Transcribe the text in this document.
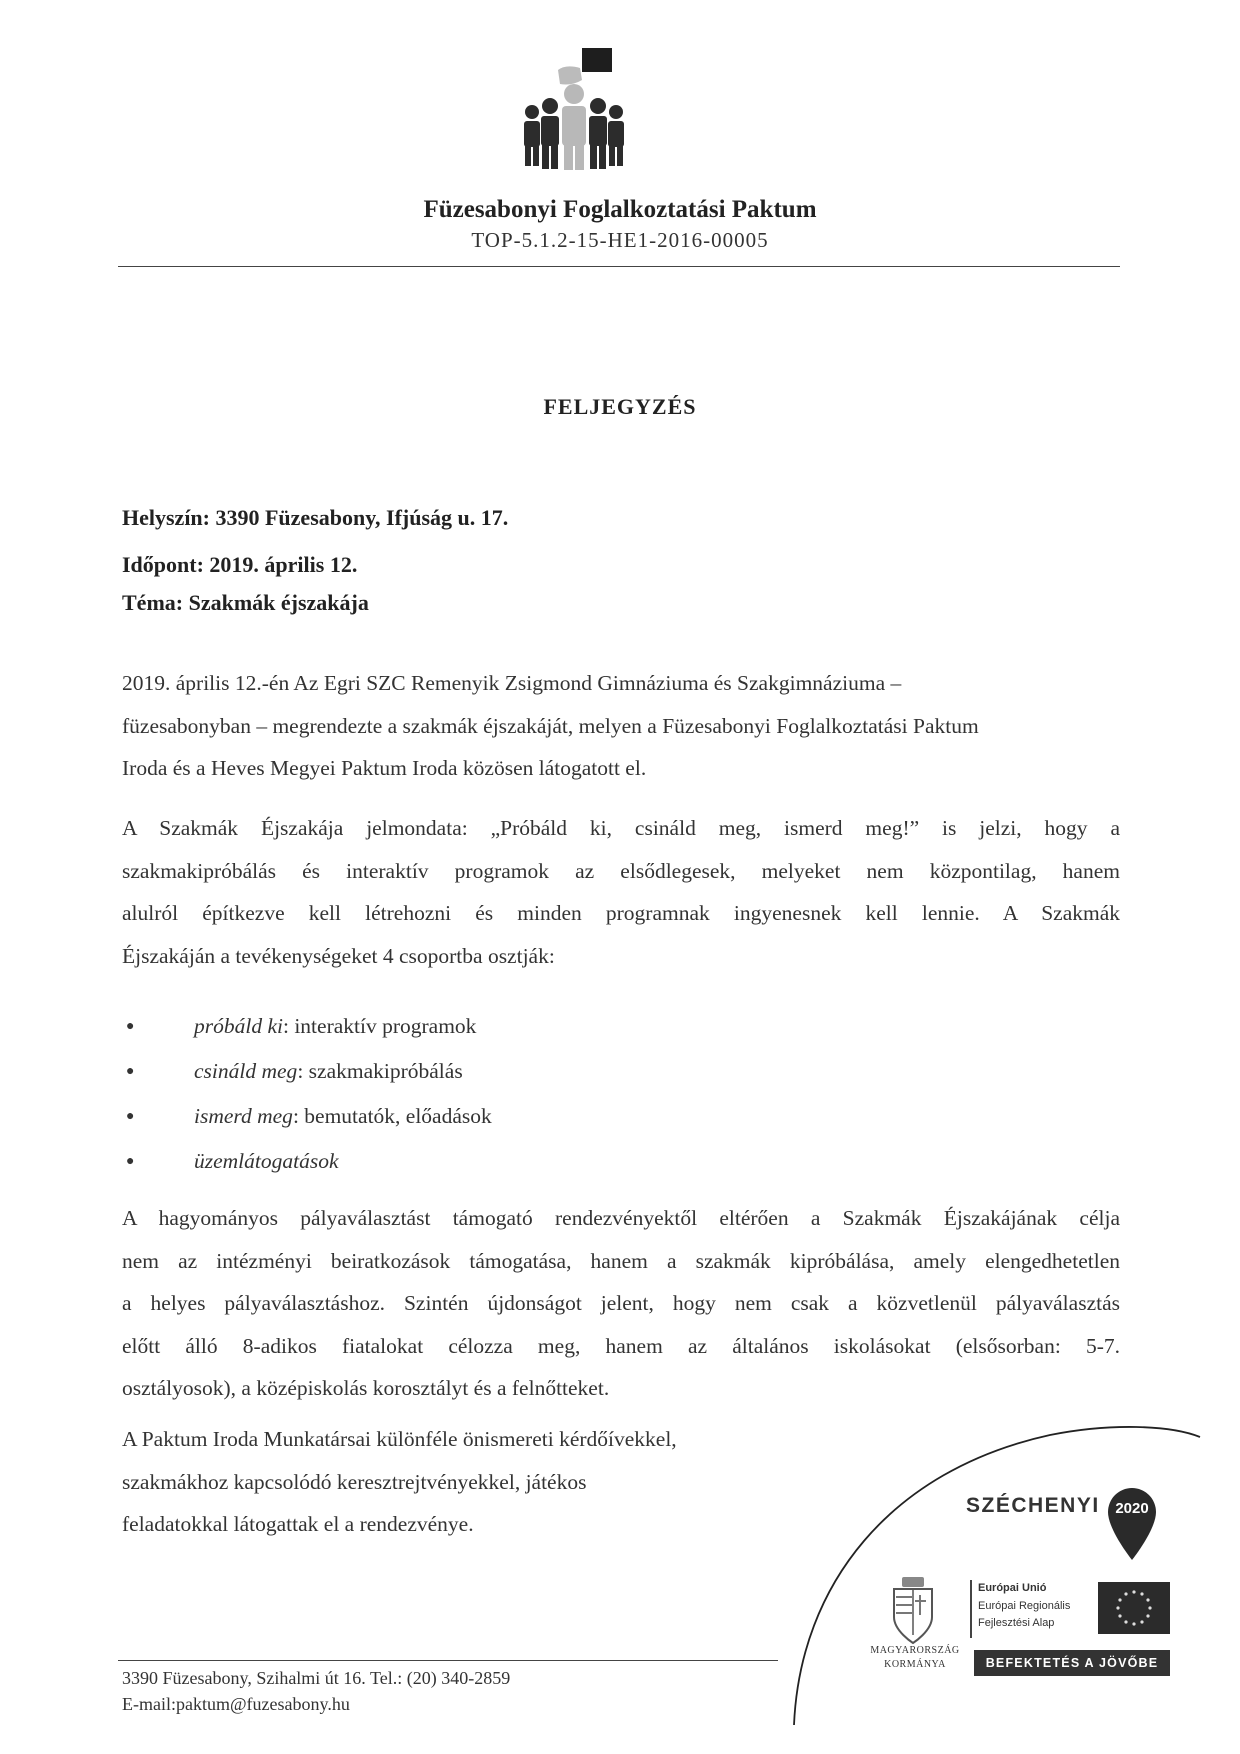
Füzesabonyi Foglalkoztatási Paktum
TOP-5.1.2-15-HE1-2016-00005
FELJEGYZÉS
Helyszín: 3390 Füzesabony, Ifjúság u. 17.
Időpont: 2019. április 12.
Téma: Szakmák éjszakája
2019. április 12.-én Az Egri SZC Remenyik Zsigmond Gimnáziuma és Szakgimnáziuma –
füzesabonyban – megrendezte a szakmák éjszakáját, melyen a Füzesabonyi Foglalkoztatási Paktum
Iroda és a Heves Megyei Paktum Iroda közösen látogatott el.
A Szakmák Éjszakája jelmondata: „Próbáld ki, csináld meg, ismerd meg!” is jelzi, hogy a
szakmakipróbálás és interaktív programok az elsődlegesek, melyeket nem központilag, hanem
alulról építkezve kell létrehozni és minden programnak ingyenesnek kell lennie. A Szakmák
Éjszakáján a tevékenységeket 4 csoportba osztják:
●	próbáld ki: interaktív programok
●	csináld meg: szakmakipróbálás
●	ismerd meg: bemutatók, előadások
●	üzemlátogatások
A hagyományos pályaválasztást támogató rendezvényektől eltérően a Szakmák Éjszakájának célja
nem az intézményi beiratkozások támogatása, hanem a szakmák kipróbálása, amely elengedhetetlen
a helyes pályaválasztáshoz. Szintén újdonságot jelent, hogy nem csak a közvetlenül pályaválasztás
előtt álló 8-adikos fiatalokat célozza meg, hanem az általános iskolásokat (elsősorban: 5-7.
osztályosok), a középiskolás korosztályt és a felnőtteket.
A Paktum Iroda Munkatársai különféle önismereti kérdőívekkel,
szakmákhoz kapcsolódó keresztrejtvényekkel, játékos
feladatokkal látogattak el a rendezvénye.
SZÉCHENYI	2020
MAGYARORSZÁG
KORMÁNYA
Európai Unió
Európai Regionális
Fejlesztési Alap
BEFEKTETÉS A JÖVŐBE
3390 Füzesabony, Szihalmi út 16. Tel.: (20) 340-2859
E-mail:paktum@fuzesabony.hu
